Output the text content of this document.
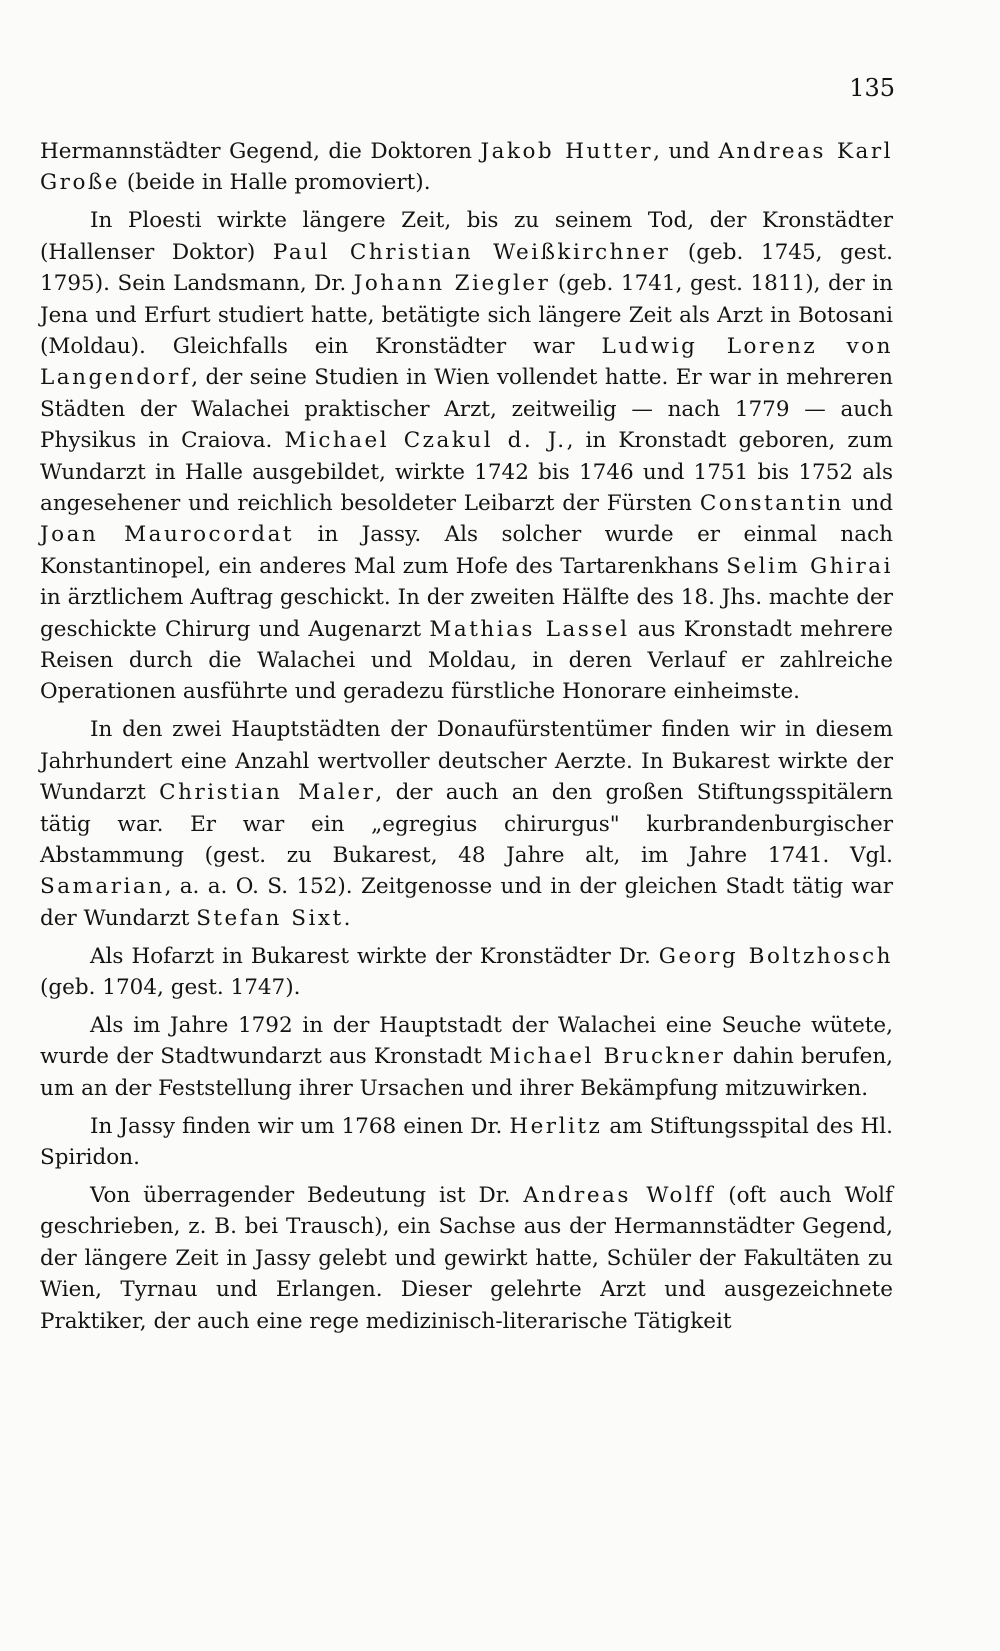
135

Hermannstädter Gegend, die Doktoren Jakob Hutter, und Andreas Karl Große (beide in Halle promoviert).

In Ploesti wirkte längere Zeit, bis zu seinem Tod, der Kronstädter (Hallenser Doktor) Paul Christian Weißkirchner (geb. 1745, gest. 1795). Sein Landsmann, Dr. Johann Ziegler (geb. 1741, gest. 1811), der in Jena und Erfurt studiert hatte, betätigte sich längere Zeit als Arzt in Botosani (Moldau). Gleichfalls ein Kronstädter war Ludwig Lorenz von Langendorf, der seine Studien in Wien vollendet hatte. Er war in mehreren Städten der Walachei praktischer Arzt, zeitweilig — nach 1779 — auch Physikus in Craiova. Michael Czakul d. J., in Kronstadt geboren, zum Wundarzt in Halle ausgebildet, wirkte 1742 bis 1746 und 1751 bis 1752 als angesehener und reichlich besoldeter Leibarzt der Fürsten Constantin und Joan Maurocordat in Jassy. Als solcher wurde er einmal nach Konstantinopel, ein anderes Mal zum Hofe des Tartarenkhans Selim Ghirai in ärztlichem Auftrag geschickt. In der zweiten Hälfte des 18. Jhs. machte der geschickte Chirurg und Augenarzt Mathias Lassel aus Kronstadt mehrere Reisen durch die Walachei und Moldau, in deren Verlauf er zahlreiche Operationen ausführte und geradezu fürstliche Honorare einheimste.

In den zwei Hauptstädten der Donaufürstentümer finden wir in diesem Jahrhundert eine Anzahl wertvoller deutscher Aerzte. In Bukarest wirkte der Wundarzt Christian Maler, der auch an den großen Stiftungsspitälern tätig war. Er war ein „egregius chirurgus" kurbrandenburgischer Abstammung (gest. zu Bukarest, 48 Jahre alt, im Jahre 1741. Vgl. Samarian, a. a. O. S. 152). Zeitgenosse und in der gleichen Stadt tätig war der Wundarzt Stefan Sixt.

Als Hofarzt in Bukarest wirkte der Kronstädter Dr. Georg Boltzhosch (geb. 1704, gest. 1747).

Als im Jahre 1792 in der Hauptstadt der Walachei eine Seuche wütete, wurde der Stadtwundarzt aus Kronstadt Michael Bruckner dahin berufen, um an der Feststellung ihrer Ursachen und ihrer Bekämpfung mitzuwirken.

In Jassy finden wir um 1768 einen Dr. Herlitz am Stiftungsspital des Hl. Spiridon.

Von überragender Bedeutung ist Dr. Andreas Wolff (oft auch Wolf geschrieben, z. B. bei Trausch), ein Sachse aus der Hermannstädter Gegend, der längere Zeit in Jassy gelebt und gewirkt hatte, Schüler der Fakultäten zu Wien, Tyrnau und Erlangen. Dieser gelehrte Arzt und ausgezeichnete Praktiker, der auch eine rege medizinisch-literarische Tätigkeit
